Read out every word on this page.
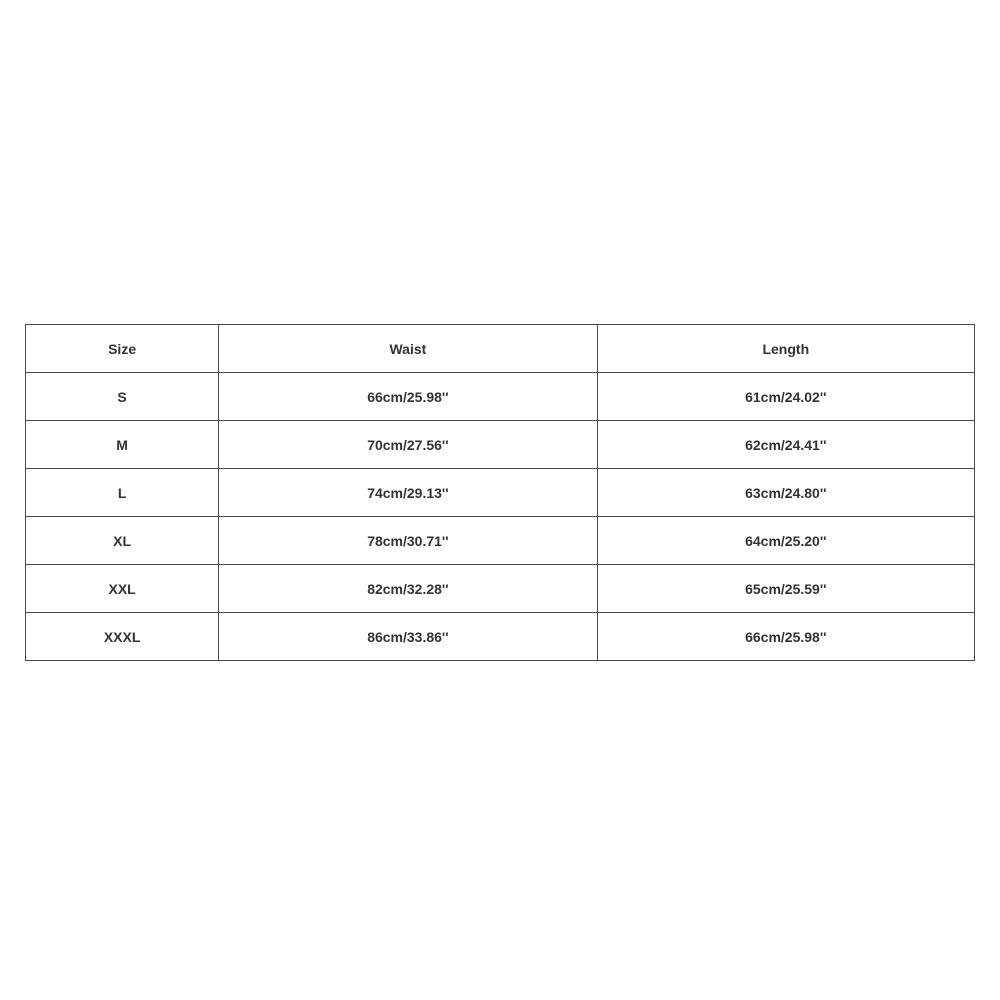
Size	Waist	Length
S	66cm/25.98''	61cm/24.02''
M	70cm/27.56''	62cm/24.41''
L	74cm/29.13''	63cm/24.80''
XL	78cm/30.71''	64cm/25.20''
XXL	82cm/32.28''	65cm/25.59''
XXXL	86cm/33.86''	66cm/25.98''
